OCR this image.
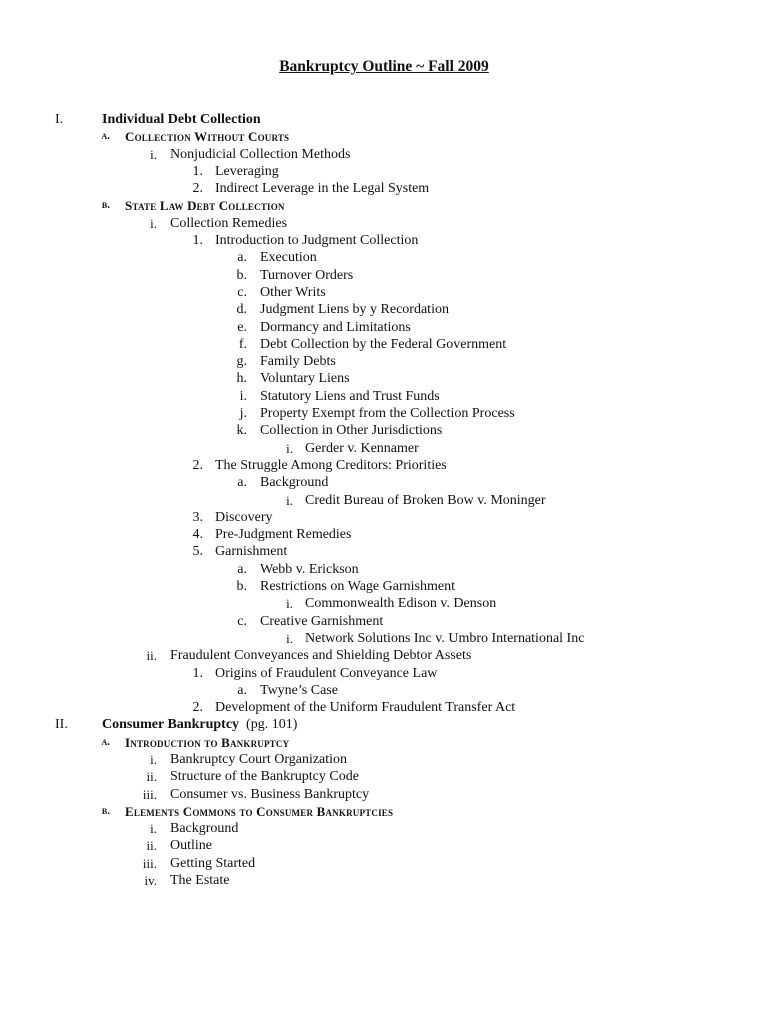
Bankruptcy Outline ~ Fall 2009
I.	Individual Debt Collection
a. Collection Without Courts
i. Nonjudicial Collection Methods
1. Leveraging
2. Indirect Leverage in the Legal System
b. State Law Debt Collection
i. Collection Remedies
1. Introduction to Judgment Collection
a. Execution
b. Turnover Orders
c. Other Writs
d. Judgment Liens by y Recordation
e. Dormancy and Limitations
f. Debt Collection by the Federal Government
g. Family Debts
h. Voluntary Liens
i. Statutory Liens and Trust Funds
j. Property Exempt from the Collection Process
k. Collection in Other Jurisdictions
i. Gerder v. Kennamer
2. The Struggle Among Creditors: Priorities
a. Background
i. Credit Bureau of Broken Bow v. Moninger
3. Discovery
4. Pre-Judgment Remedies
5. Garnishment
a. Webb v. Erickson
b. Restrictions on Wage Garnishment
i. Commonwealth Edison v. Denson
c. Creative Garnishment
i. Network Solutions Inc v. Umbro International Inc
ii. Fraudulent Conveyances and Shielding Debtor Assets
1. Origins of Fraudulent Conveyance Law
a. Twyne’s Case
2. Development of the Uniform Fraudulent Transfer Act
II.	Consumer Bankruptcy  (pg. 101)
a. Introduction to Bankruptcy
i. Bankruptcy Court Organization
ii. Structure of the Bankruptcy Code
iii. Consumer vs. Business Bankruptcy
b. Elements Commons to Consumer Bankruptcies
i. Background
ii. Outline
iii. Getting Started
iv. The Estate
